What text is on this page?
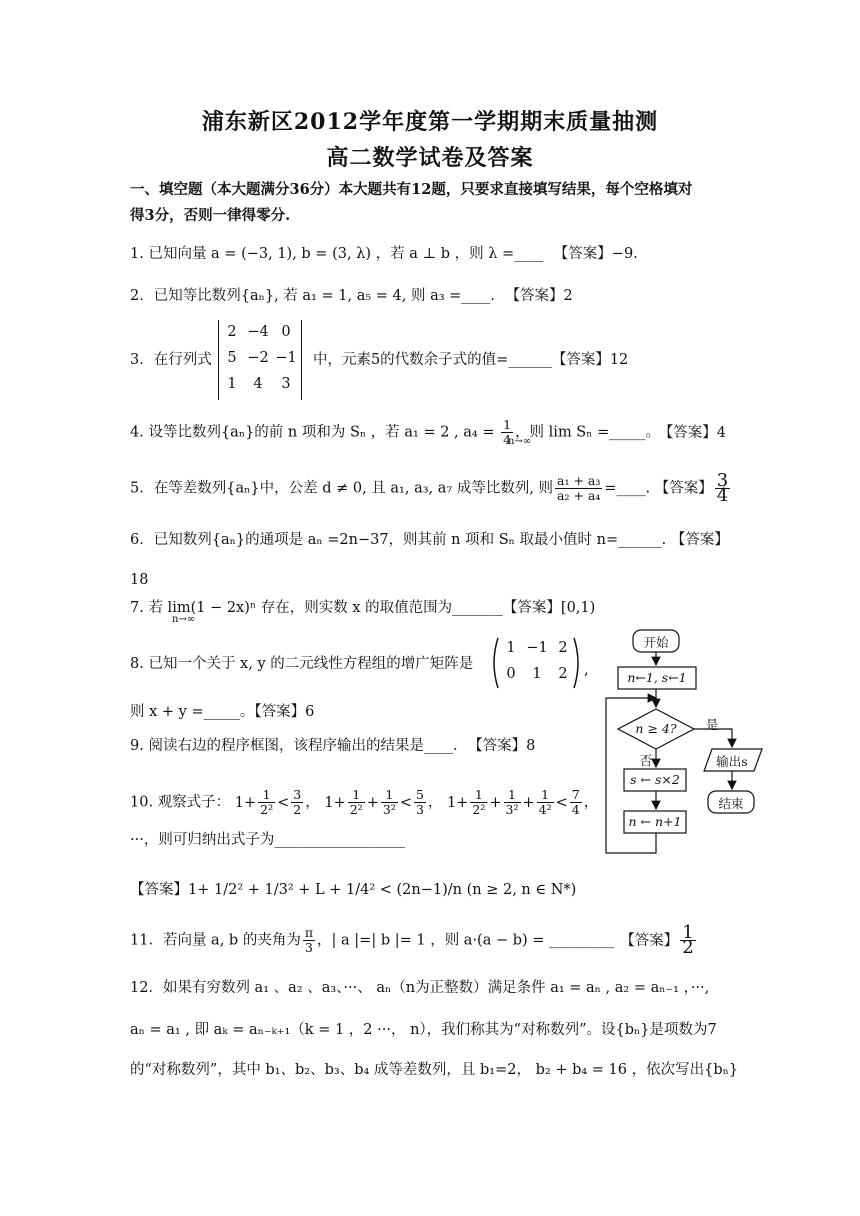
浦东新区2012学年度第一学期期末质量抽测
高二数学试卷及答案
一、填空题（本大题满分36分）本大题共有12题，只要求直接填写结果，每个空格填对
得3分，否则一律得零分.
1. 已知向量 a = (−3, 1), b = (3, λ) ，若 a ⊥ b ，则 λ =____ 【答案】−9.
2．已知等比数列{aₙ}, 若 a₁ = 1, a₅ = 4, 则 a₃ =____. 【答案】2
3．在行列式	中，元素5的代数余子式的值=______【答案】12
2 −4 0
5 −2 −1
1	4	3
4. 设等比数列{aₙ}的前 n 项和为 Sₙ ，若 a₁ = 2 , $a_4 = \frac{1}{4}$ ，则 lim Sₙ =_____。 【答案】4
n→∞
5．在等差数列{aₙ}中，公差 d ≠ 0, 且 a₁, a₃, a₇ 成等比数列, 则 $\frac{\text{a₁ + a₃}}{\text{a₂ + a₄}}$ =____. 【答案】 $\frac{3}{4}$
6．已知数列{aₙ}的通项是 aₙ =2n−37，则其前 n 项和 Sₙ 取最小值时 n=______. 【答案】
18
7. 若 lim(1 − 2x)ⁿ 存在，则实数 x 的取值范围为_______【答案】[0,1)
n→∞
8. 已知一个关于 x, y 的二元线性方程组的增广矩阵是
1 −1 2
0	1	2	,
则 x + y =_____。【答案】6
9. 阅读右边的程序框图，该程序输出的结果是____. 【答案】8
10. 观察式子： $1+ \frac{1}{\text{2²}} < \frac{3}{2}$ ， $1+ \frac{1}{\text{2²}} + \frac{1}{\text{3²}} < \frac{5}{3}$ ， $1+ \frac{1}{\text{2²}} + \frac{1}{\text{3²}} + \frac{1}{\text{4²}} < \frac{7}{4}$ ，
···，则可归纳出式子为__________________
【答案】1+ 1/2² + 1/3² + L + 1/4² < (2n−1)/n (n ≥ 2, n ∈ N*)
11．若向量 a, b 的夹角为 $\frac{\pi}{3}$ ，| a |=| b |= 1 ，则 a·(a − b) = _________ 【答案】 $\frac{1}{2}$
12．如果有穷数列 a₁ 、a₂ 、a₃、···、 aₙ（n为正整数）满足条件 a₁ = aₙ , a₂ = aₙ₋₁ ，···,
aₙ = a₁ , 即 aₖ = aₙ₋ₖ₊₁（k = 1 ，2 ···， n），我们称其为“对称数列”。设{bₙ}是项数为7
的“对称数列”，其中 b₁、b₂、b₃、b₄ 成等差数列，且 b₁=2， b₂ + b₄ = 16 ，依次写出{bₙ}
开始
n←1, s←1
n ≥ 4?	是
否	输出s
结束
s ← s×2
n ← n+1
